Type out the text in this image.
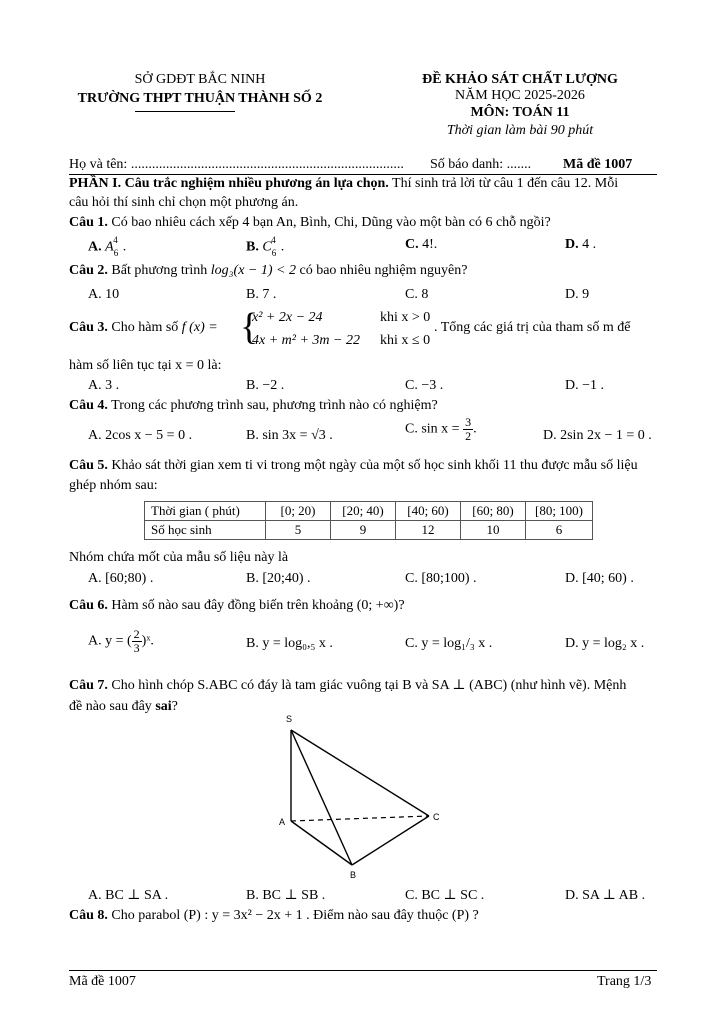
SỞ GDĐT BẮC NINH
TRƯỜNG THPT THUẬN THÀNH SỐ 2
ĐỀ KHẢO SÁT CHẤT LƯỢNG
NĂM HỌC 2025-2026
MÔN: TOÁN 11
Thời gian làm bài 90 phút
Họ và tên: .............................................................................. Số báo danh: ....... Mã đề 1007
PHẦN I. Câu trắc nghiệm nhiều phương án lựa chọn. Thí sinh trả lời từ câu 1 đến câu 12. Mỗi
câu hỏi thí sinh chỉ chọn một phương án.
Câu 1. Có bao nhiêu cách xếp 4 bạn An, Bình, Chi, Dũng vào một bàn có 6 chỗ ngồi?
A. $A_6^4$ .	B. $C_6^4$ .	C. 4!.	D. 4 .
Câu 2. Bất phương trình log₃(x − 1) < 2 có bao nhiêu nghiệm nguyên?
A. 10	B. 7 .	C. 8	D. 9
Câu 3. Cho hàm số f (x) = {
x² + 2x − 24	khi x > 0
4x + m² + 3m − 22 khi x ≤ 0
. Tổng các giá trị của tham số m để
hàm số liên tục tại x = 0 là:
A. 3 .	B. −2 .	C. −3 .	D. −1 .
Câu 4. Trong các phương trình sau, phương trình nào có nghiệm?
A. 2cos x − 5 = 0 .	B. sin 3x = √3 .	C. $\sin x = \frac{3}{2}$ .	D. 2sin 2x − 1 = 0 .
Câu 5. Khảo sát thời gian xem ti vi trong một ngày của một số học sinh khối 11 thu được mẫu số liệu
ghép nhóm sau:
Thời gian ( phút)	[0; 20)	[20; 40)	[40; 60)	[60; 80)	[80; 100)
Số học sinh	5	9	12	10	6
Nhóm chứa mốt của mẫu số liệu này là
A. [60;80) .	B. [20;40) .	C. [80;100) .	D. [40; 60) .
Câu 6. Hàm số nào sau đây đồng biến trên khoảng (0; +∞)?
A. y = ( $\frac{2}{3}$ )ˣ.	B. y = log₀,₅ x .	C. y = log₁/₃ x .	D. y = log₂ x .
Câu 7. Cho hình chóp S.ABC có đáy là tam giác vuông tại B và SA ⊥ (ABC) (như hình vẽ). Mệnh
đề nào sau đây sai?
S
A
B
C
A. BC ⊥ SA .	B. BC ⊥ SB .	C. BC ⊥ SC .	D. SA ⊥ AB .
Câu 8. Cho parabol (P) : y = 3x² − 2x + 1 . Điểm nào sau đây thuộc (P) ?
Mã đề 1007	Trang 1/3
